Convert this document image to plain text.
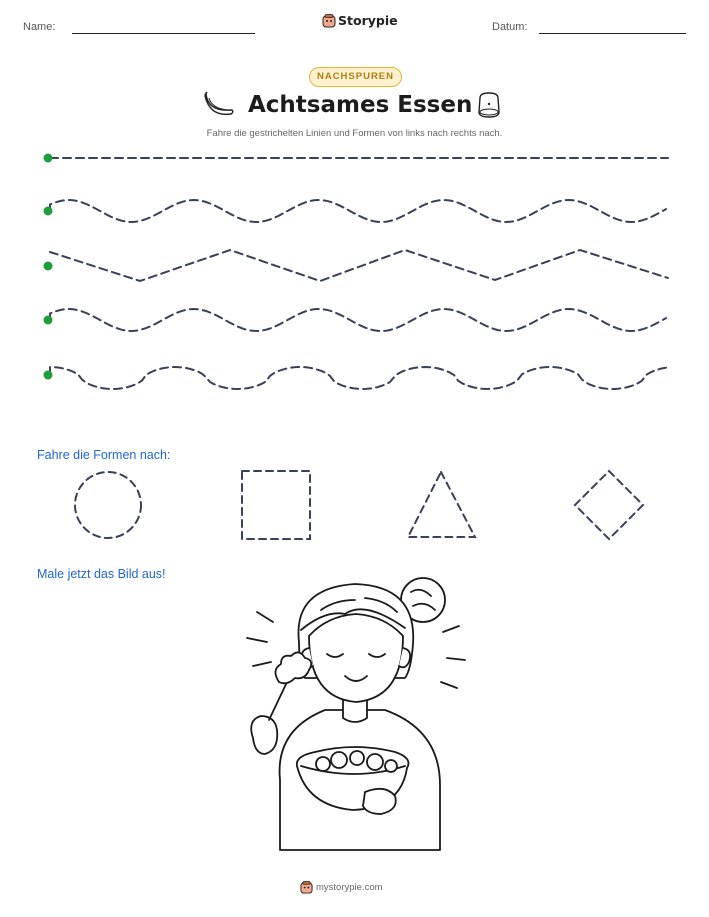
Name:	Storypie	Datum:
NACHSPUREN
Achtsames Essen
Fahre die gestrichelten Linien und Formen von links nach rechts nach.
Fahre die Formen nach:
Male jetzt das Bild aus!
mystorypie.com
